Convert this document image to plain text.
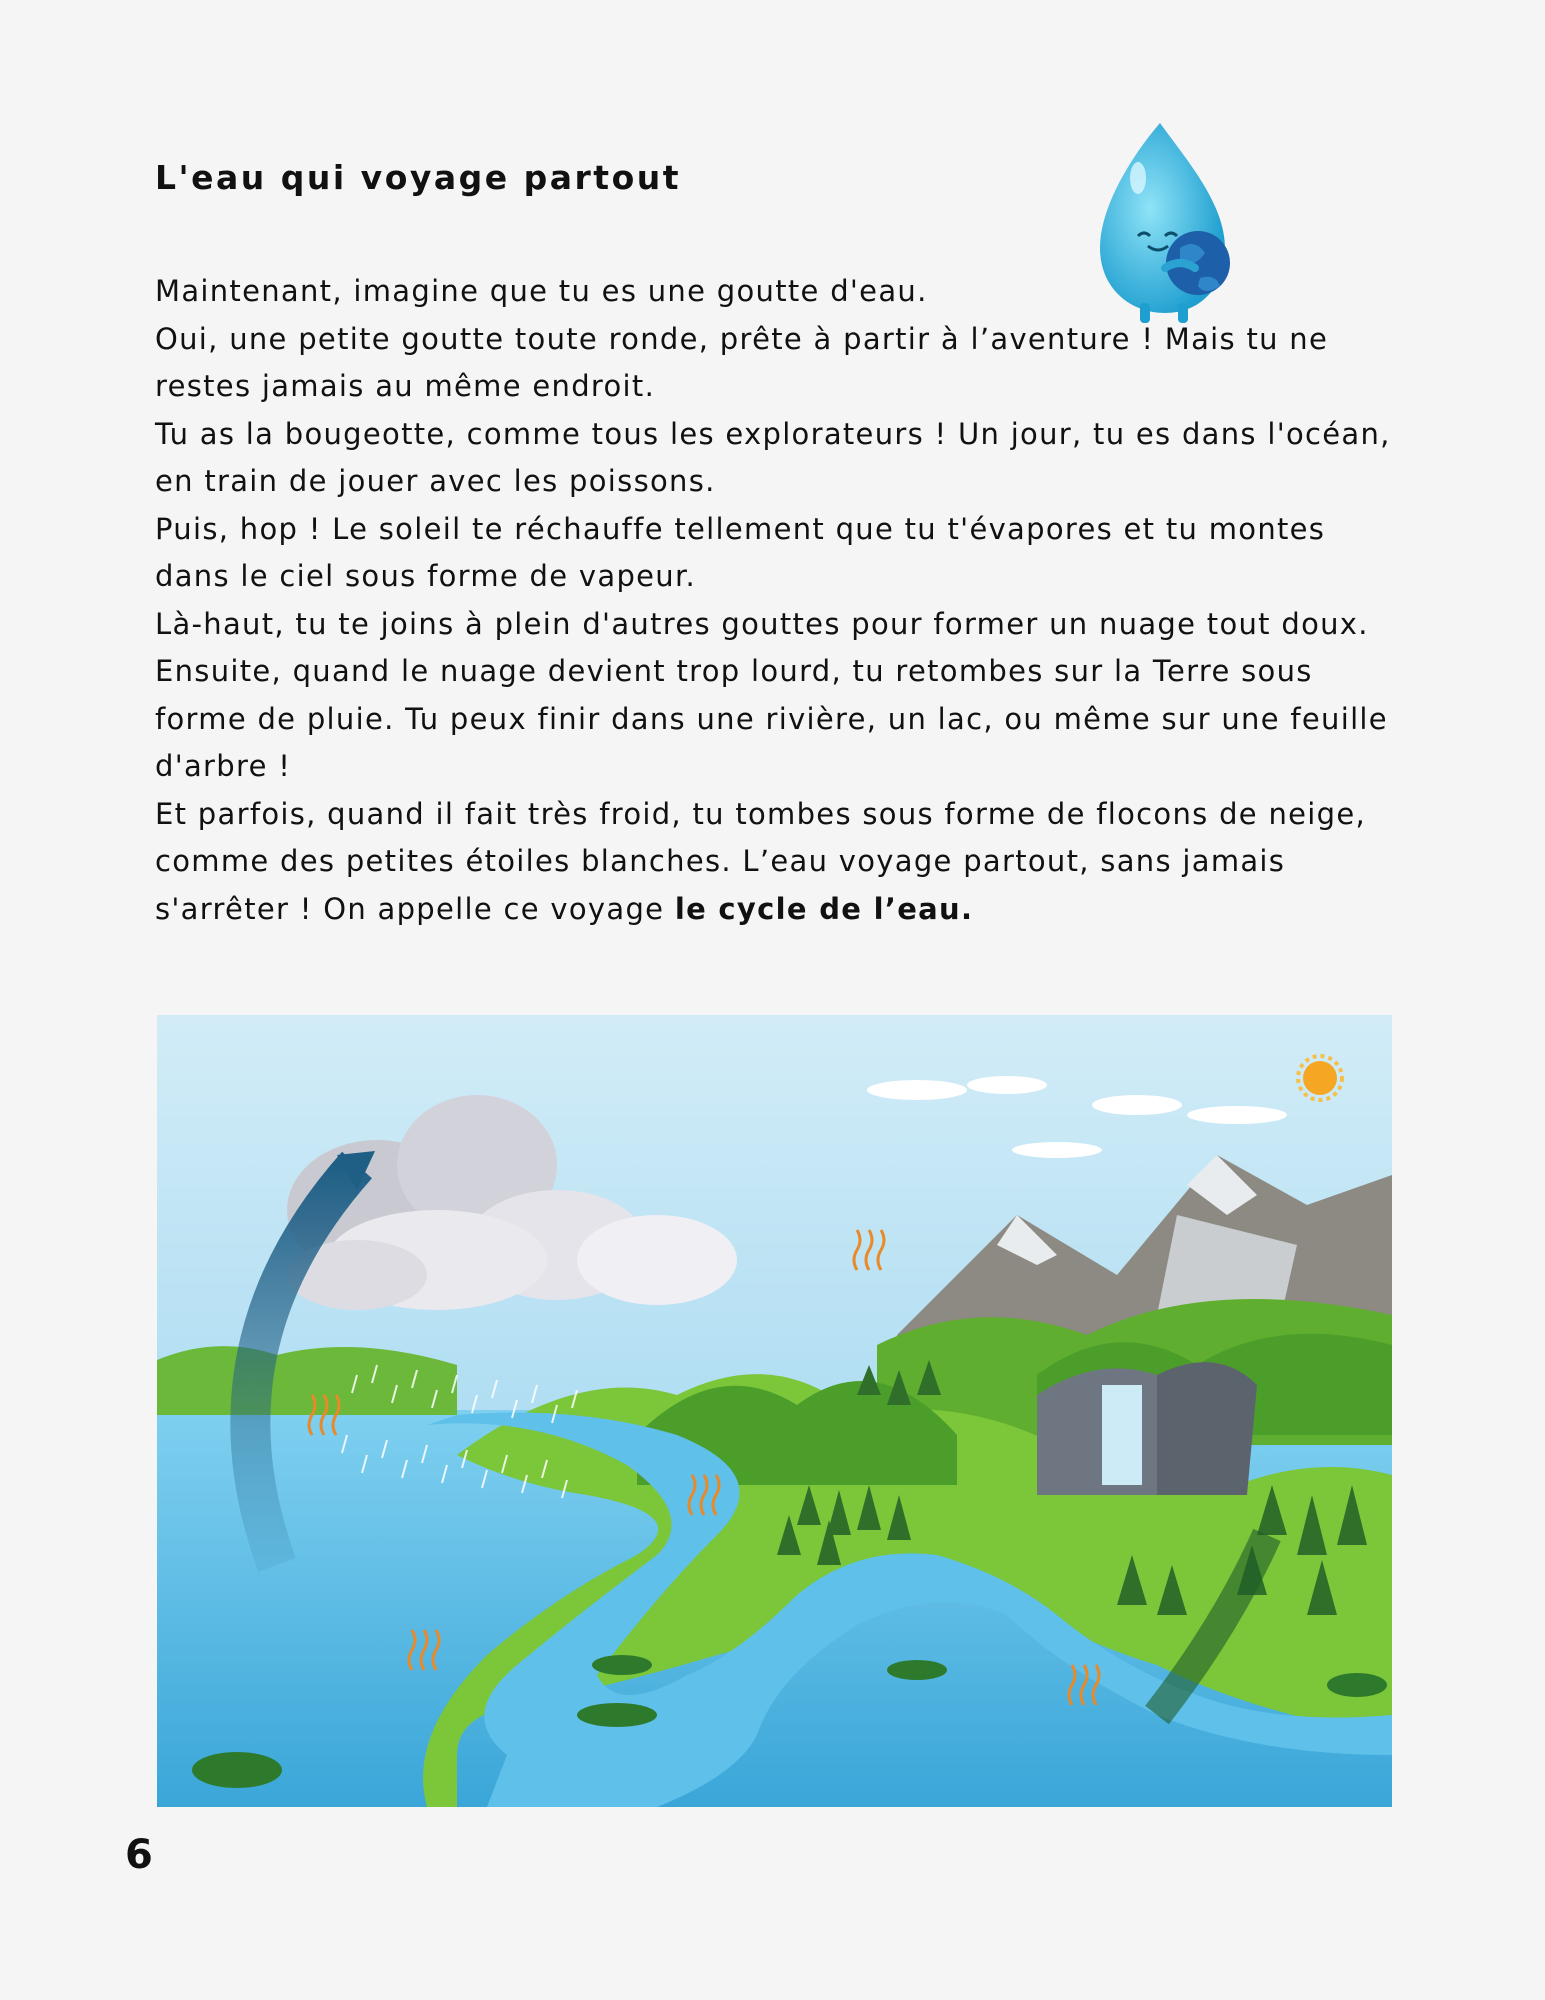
L'eau qui voyage partout

Maintenant, imagine que tu es une goutte d'eau.

Oui, une petite goutte toute ronde, prête à partir à l’aventure ! Mais tu ne restes jamais au même endroit.

Tu as la bougeotte, comme tous les explorateurs ! Un jour, tu es dans l'océan, en train de jouer avec les poissons.

Puis, hop ! Le soleil te réchauffe tellement que tu t'évapores et tu montes dans le ciel sous forme de vapeur.

Là-haut, tu te joins à plein d'autres gouttes pour former un nuage tout doux.

Ensuite, quand le nuage devient trop lourd, tu retombes sur la Terre sous forme de pluie. Tu peux finir dans une rivière, un lac, ou même sur une feuille d'arbre !

Et parfois, quand il fait très froid, tu tombes sous forme de flocons de neige, comme des petites étoiles blanches. L’eau voyage partout, sans jamais s'arrêter ! On appelle ce voyage le cycle de l’eau.

6
